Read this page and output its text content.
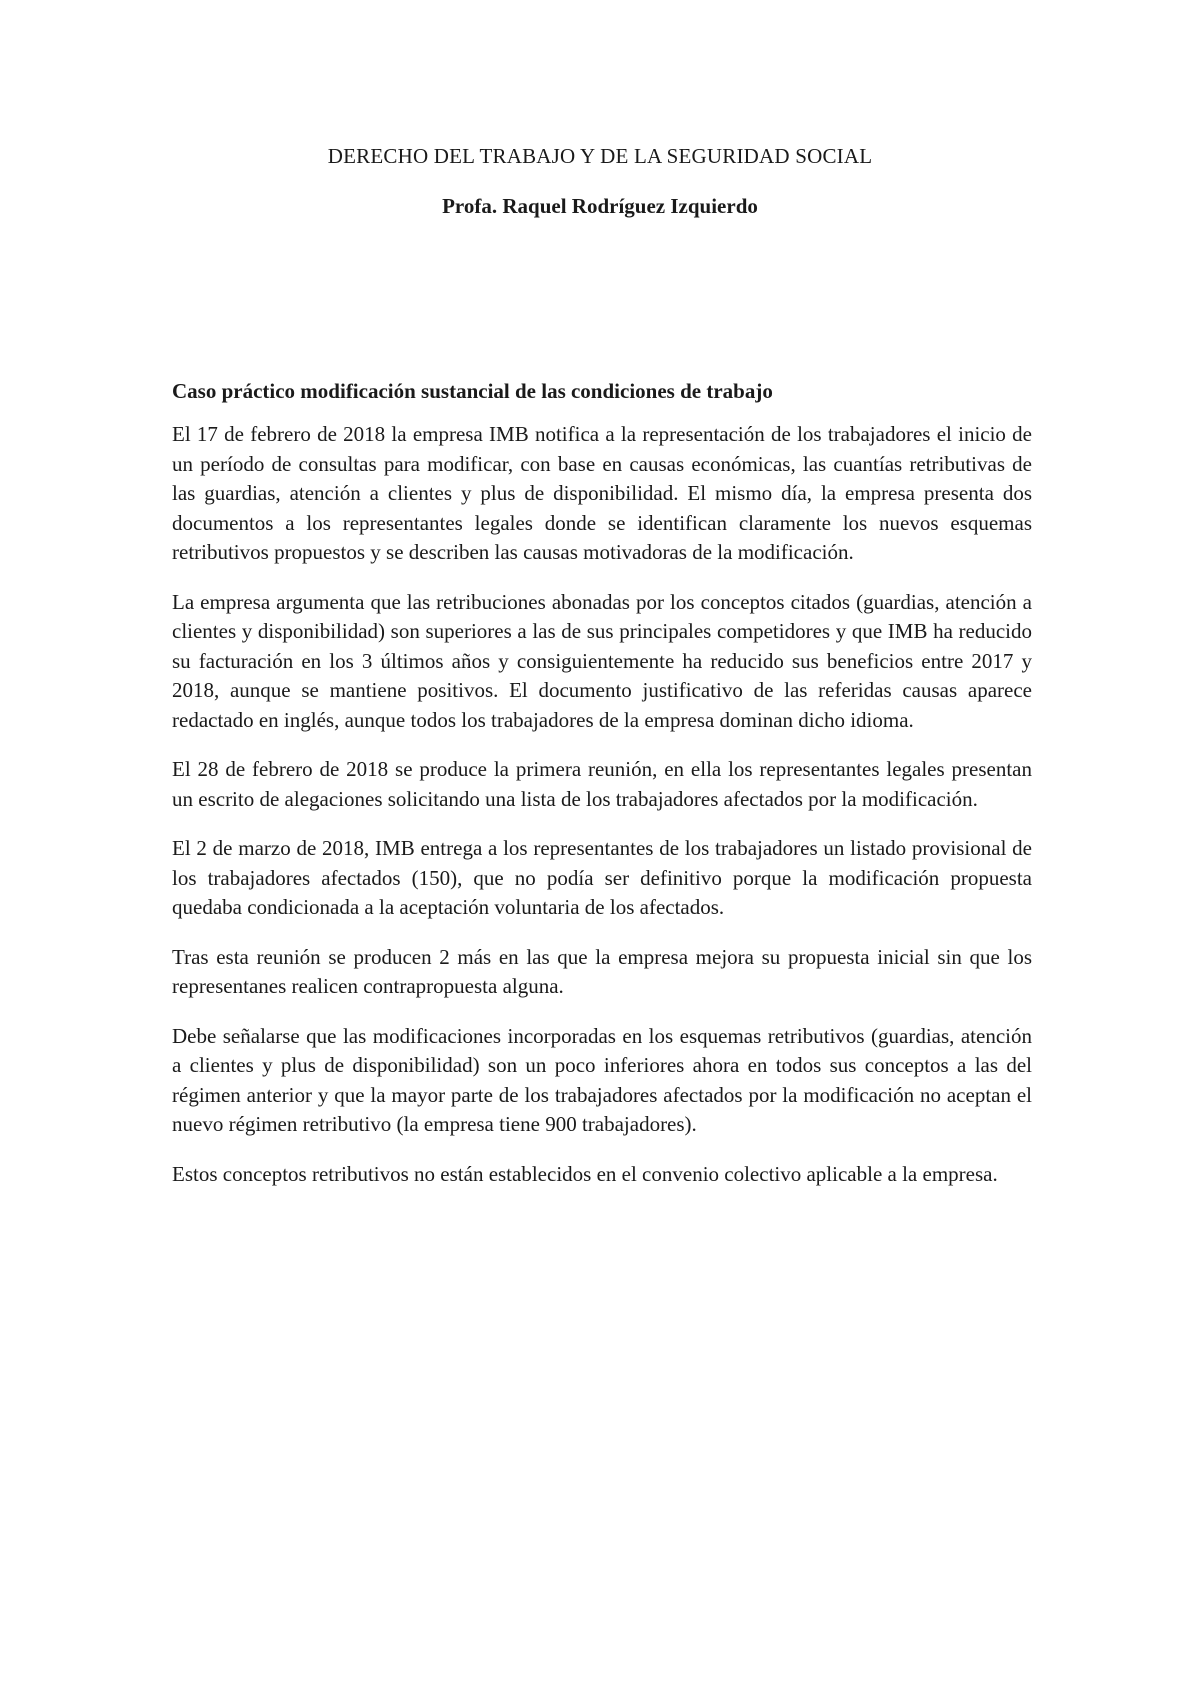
DERECHO DEL TRABAJO Y DE LA SEGURIDAD SOCIAL

Profa. Raquel Rodríguez Izquierdo

Caso práctico modificación sustancial de las condiciones de trabajo

El 17 de febrero de 2018 la empresa IMB notifica a la representación de los trabajadores el inicio de un período de consultas para modificar, con base en causas económicas, las cuantías retributivas de las guardias, atención a clientes y plus de disponibilidad. El mismo día, la empresa presenta dos documentos a los representantes legales donde se identifican claramente los nuevos esquemas retributivos propuestos y se describen las causas motivadoras de la modificación.

La empresa argumenta que las retribuciones abonadas por los conceptos citados (guardias, atención a clientes y disponibilidad) son superiores a las de sus principales competidores y que IMB ha reducido su facturación en los 3 últimos años y consiguientemente ha reducido sus beneficios entre 2017 y 2018, aunque se mantiene positivos. El documento justificativo de las referidas causas aparece redactado en inglés, aunque todos los trabajadores de la empresa dominan dicho idioma.

El 28 de febrero de 2018 se produce la primera reunión, en ella los representantes legales presentan un escrito de alegaciones solicitando una lista de los trabajadores afectados por la modificación.

El 2 de marzo de 2018, IMB entrega a los representantes de los trabajadores un listado provisional de los trabajadores afectados (150), que no podía ser definitivo porque la modificación propuesta quedaba condicionada a la aceptación voluntaria de los afectados.

Tras esta reunión se producen 2 más en las que la empresa mejora su propuesta inicial sin que los representanes realicen contrapropuesta alguna.

Debe señalarse que las modificaciones incorporadas en los esquemas retributivos (guardias, atención a clientes y plus de disponibilidad) son un poco inferiores ahora en todos sus conceptos a las del régimen anterior y que la mayor parte de los trabajadores afectados por la modificación no aceptan el nuevo régimen retributivo (la empresa tiene 900 trabajadores).

Estos conceptos retributivos no están establecidos en el convenio colectivo aplicable a la empresa.
